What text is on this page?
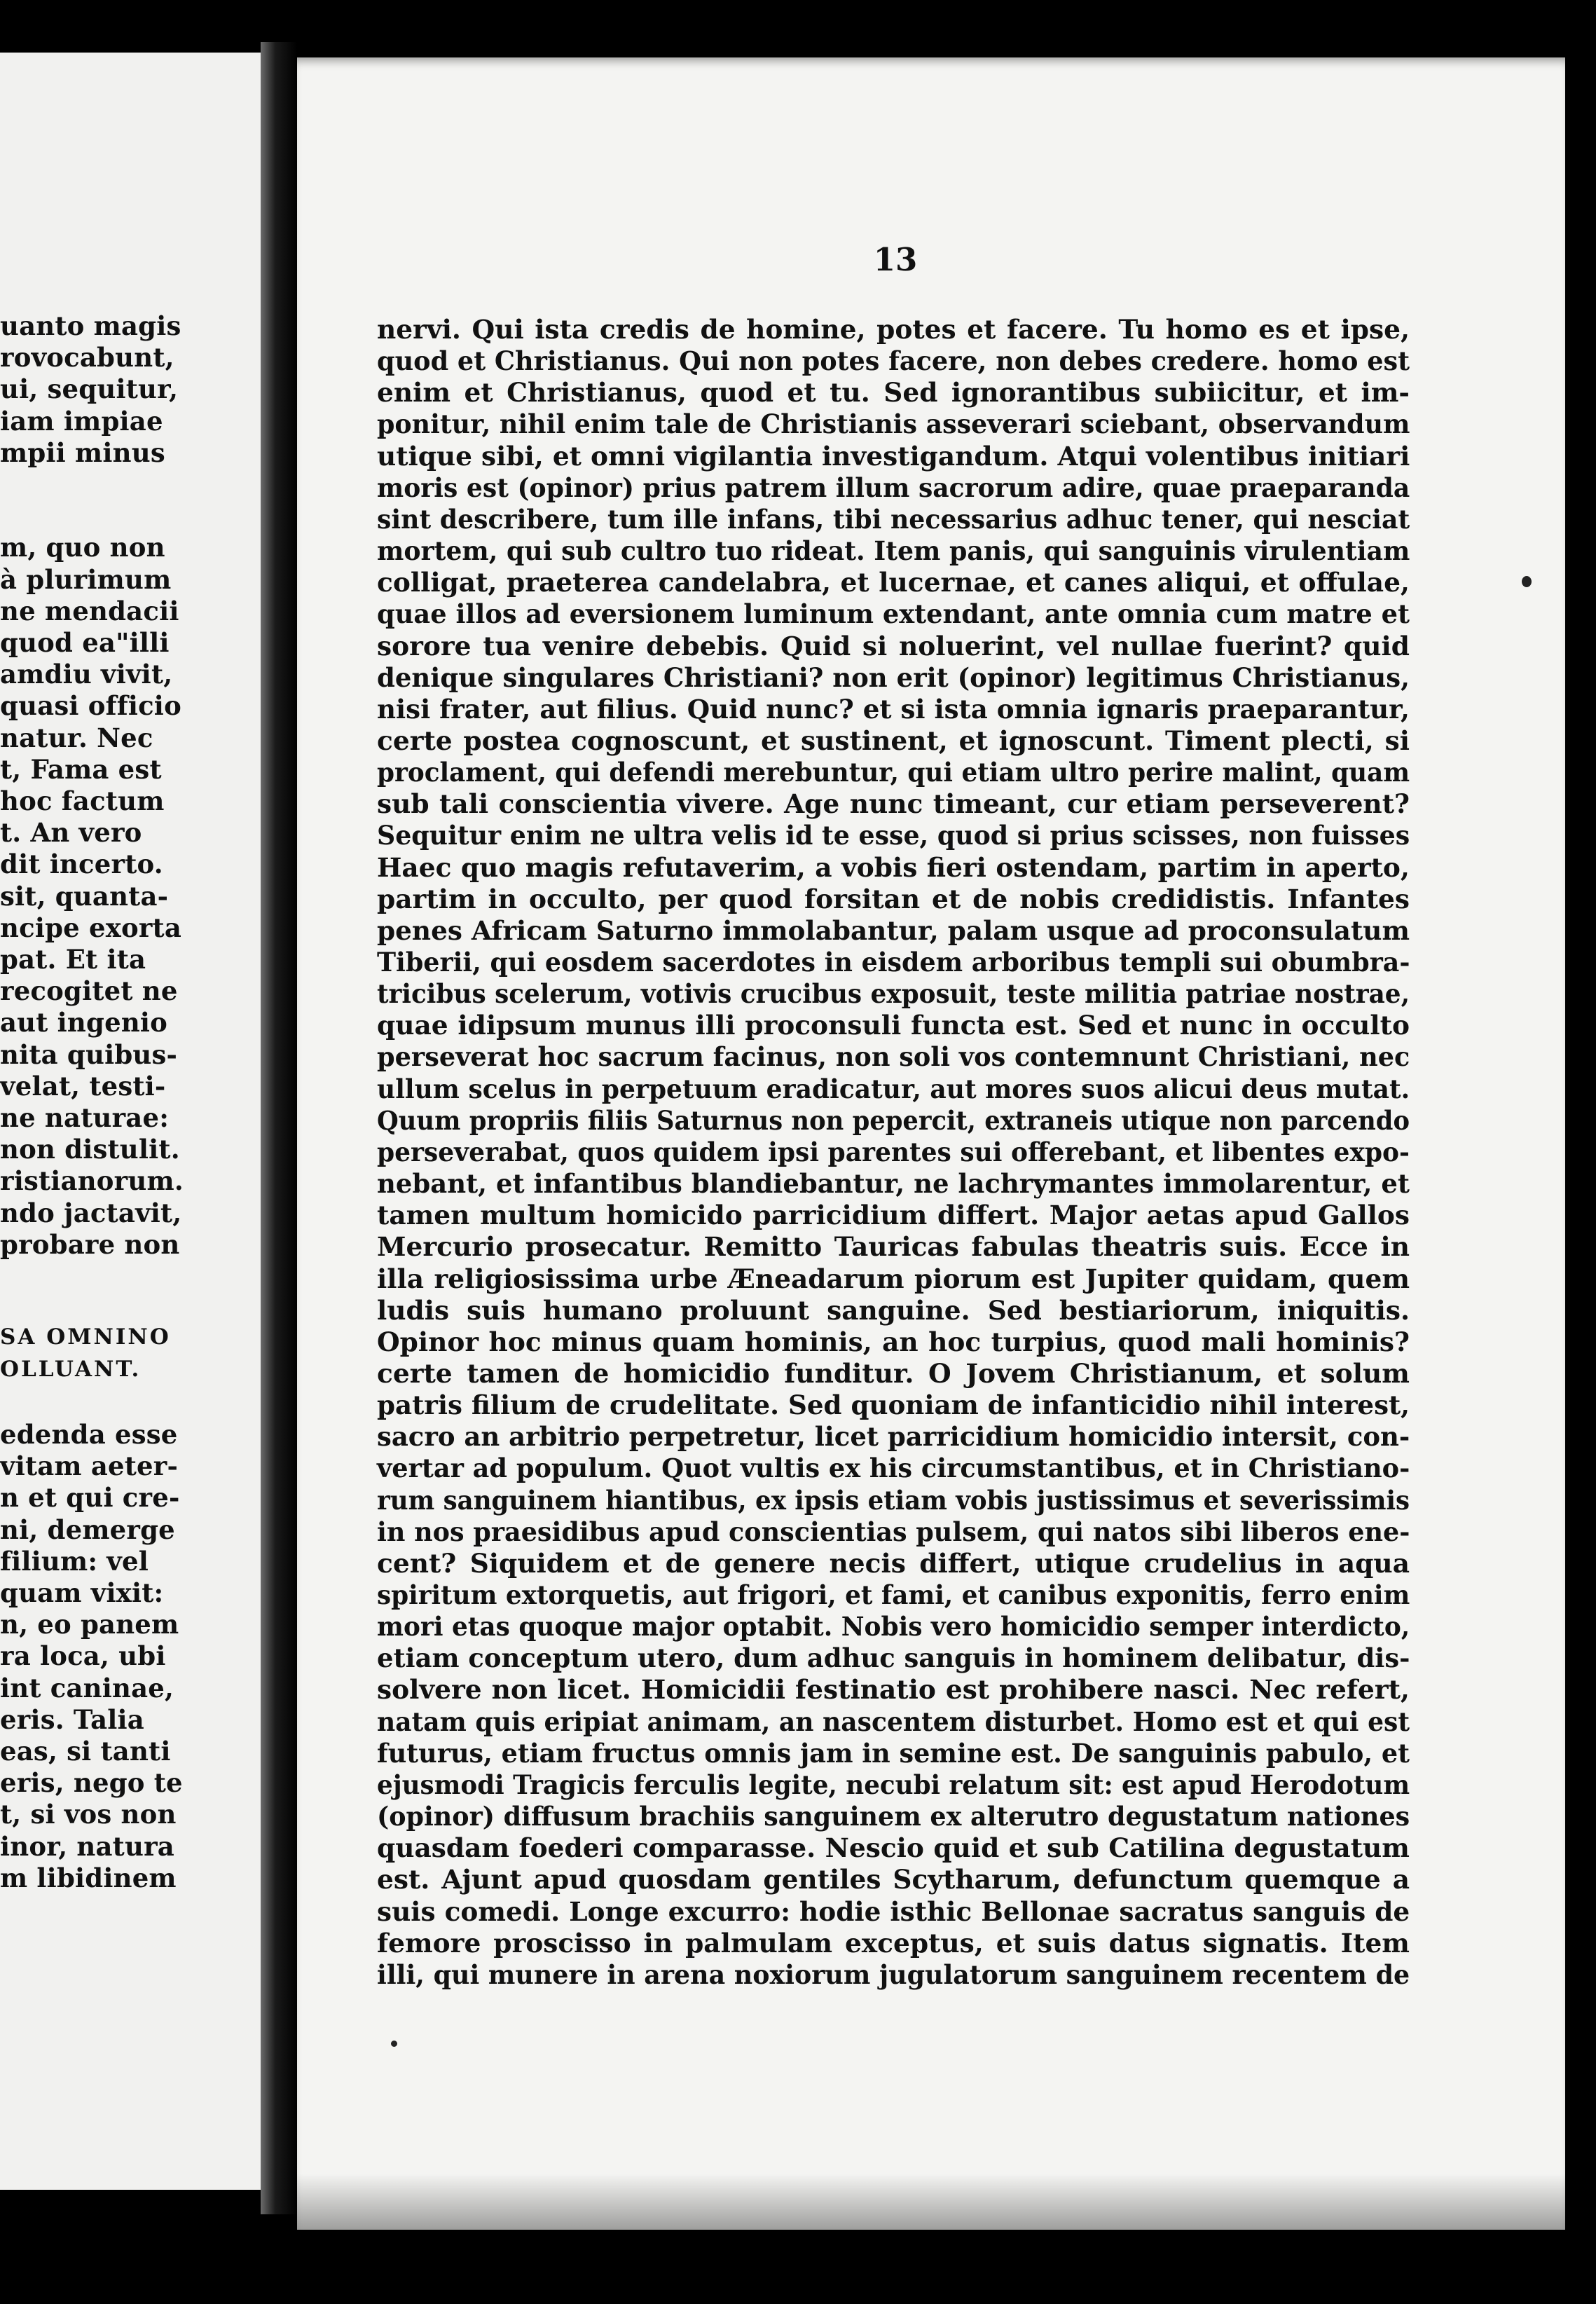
uanto magis
rovocabunt,
ui, sequitur,
iam impiae
mpii minus
m, quo non
à plurimum
ne mendacii
quod ea"illi
amdiu vivit,
quasi officio
natur. Nec
t, Fama est
hoc factum
t. An vero
dit incerto.
sit, quanta-
ncipe exorta
pat. Et ita
recogitet ne
aut ingenio
nita quibus-
velat, testi-
ne naturae:
non distulit.
ristianorum.
ndo jactavit,
probare non
SA OMNINO
OLLUANT.
edenda esse
vitam aeter-
n et qui cre-
ni, demerge
filium: vel
quam vixit:
n, eo panem
ra loca, ubi
int caninae,
eris. Talia
eas, si tanti
eris, nego te
t, si vos non
inor, natura
m libidinem
13
nervi. Qui ista credis de homine, potes et facere. Tu homo es et ipse,
quod et Christianus. Qui non potes facere, non debes credere. homo est
enim et Christianus, quod et tu. Sed ignorantibus subiicitur, et im-
ponitur, nihil enim tale de Christianis asseverari sciebant, observandum
utique sibi, et omni vigilantia investigandum. Atqui volentibus initiari
moris est (opinor) prius patrem illum sacrorum adire, quae praeparanda
sint describere, tum ille infans, tibi necessarius adhuc tener, qui nesciat
mortem, qui sub cultro tuo rideat. Item panis, qui sanguinis virulentiam
colligat, praeterea candelabra, et lucernae, et canes aliqui, et offulae,
quae illos ad eversionem luminum extendant, ante omnia cum matre et
sorore tua venire debebis. Quid si noluerint, vel nullae fuerint? quid
denique singulares Christiani? non erit (opinor) legitimus Christianus,
nisi frater, aut filius. Quid nunc? et si ista omnia ignaris praeparantur,
certe postea cognoscunt, et sustinent, et ignoscunt. Timent plecti, si
proclament, qui defendi merebuntur, qui etiam ultro perire malint, quam
sub tali conscientia vivere. Age nunc timeant, cur etiam perseverent?
Sequitur enim ne ultra velis id te esse, quod si prius scisses, non fuisses
Haec quo magis refutaverim, a vobis fieri ostendam, partim in aperto,
partim in occulto, per quod forsitan et de nobis credidistis. Infantes
penes Africam Saturno immolabantur, palam usque ad proconsulatum
Tiberii, qui eosdem sacerdotes in eisdem arboribus templi sui obumbra-
tricibus scelerum, votivis crucibus exposuit, teste militia patriae nostrae,
quae idipsum munus illi proconsuli functa est. Sed et nunc in occulto
perseverat hoc sacrum facinus, non soli vos contemnunt Christiani, nec
ullum scelus in perpetuum eradicatur, aut mores suos alicui deus mutat.
Quum propriis filiis Saturnus non pepercit, extraneis utique non parcendo
perseverabat, quos quidem ipsi parentes sui offerebant, et libentes expo-
nebant, et infantibus blandiebantur, ne lachrymantes immolarentur, et
tamen multum homicido parricidium differt. Major aetas apud Gallos
Mercurio prosecatur. Remitto Tauricas fabulas theatris suis. Ecce in
illa religiosissima urbe Æneadarum piorum est Jupiter quidam, quem
ludis suis humano proluunt sanguine. Sed bestiariorum, iniquitis.
Opinor hoc minus quam hominis, an hoc turpius, quod mali hominis?
certe tamen de homicidio funditur. O Jovem Christianum, et solum
patris filium de crudelitate. Sed quoniam de infanticidio nihil interest,
sacro an arbitrio perpetretur, licet parricidium homicidio intersit, con-
vertar ad populum. Quot vultis ex his circumstantibus, et in Christiano-
rum sanguinem hiantibus, ex ipsis etiam vobis justissimus et severissimis
in nos praesidibus apud conscientias pulsem, qui natos sibi liberos ene-
cent? Siquidem et de genere necis differt, utique crudelius in aqua
spiritum extorquetis, aut frigori, et fami, et canibus exponitis, ferro enim
mori etas quoque major optabit. Nobis vero homicidio semper interdicto,
etiam conceptum utero, dum adhuc sanguis in hominem delibatur, dis-
solvere non licet. Homicidii festinatio est prohibere nasci. Nec refert,
natam quis eripiat animam, an nascentem disturbet. Homo est et qui est
futurus, etiam fructus omnis jam in semine est. De sanguinis pabulo, et
ejusmodi Tragicis ferculis legite, necubi relatum sit: est apud Herodotum
(opinor) diffusum brachiis sanguinem ex alterutro degustatum nationes
quasdam foederi comparasse. Nescio quid et sub Catilina degustatum
est. Ajunt apud quosdam gentiles Scytharum, defunctum quemque a
suis comedi. Longe excurro: hodie isthic Bellonae sacratus sanguis de
femore proscisso in palmulam exceptus, et suis datus signatis. Item
illi, qui munere in arena noxiorum jugulatorum sanguinem recentem de
